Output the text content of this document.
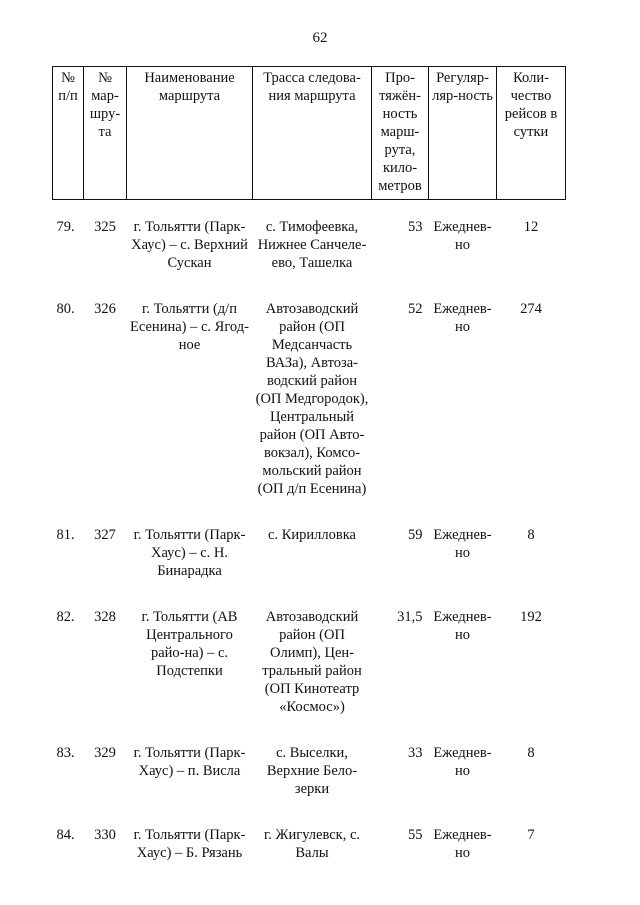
62
№ п/п	№ мар-шру-та	Наименование маршрута	Трасса следова-ния маршрута	Про-тяжён-ность марш-рута, кило-метров	Регуляр-ляр-ность	Коли-чество рейсов в сутки
79.	325	г. Тольятти (Парк-Хаус) – с. Верхний Сускан	с. Тимофеевка, Нижнее Санчеле-ево, Ташелка	53	Ежеднев-но	12
80.	326	г. Тольятти (д/п Есенина) – с. Ягод-ное	Автозаводский район (ОП Медсанчасть ВАЗа), Автоза-водский район (ОП Медгородок), Центральный район (ОП Авто-вокзал), Комсо-мольский район (ОП д/п Есенина)	52	Ежеднев-но	274
81.	327	г. Тольятти (Парк-Хаус) – с. Н. Бинарадка	с. Кирилловка	59	Ежеднев-но	8
82.	328	г. Тольятти (АВ Центрального райо-на) – с. Подстепки	Автозаводский район (ОП Олимп), Цен-тральный район (ОП Кинотеатр «Космос»)	31,5	Ежеднев-но	192
83.	329	г. Тольятти (Парк-Хаус) – п. Висла	с. Выселки, Верхние Бело-зерки	33	Ежеднев-но	8
84.	330	г. Тольятти (Парк-Хаус) – Б. Рязань	г. Жигулевск, с. Валы	55	Ежеднев-но	7
